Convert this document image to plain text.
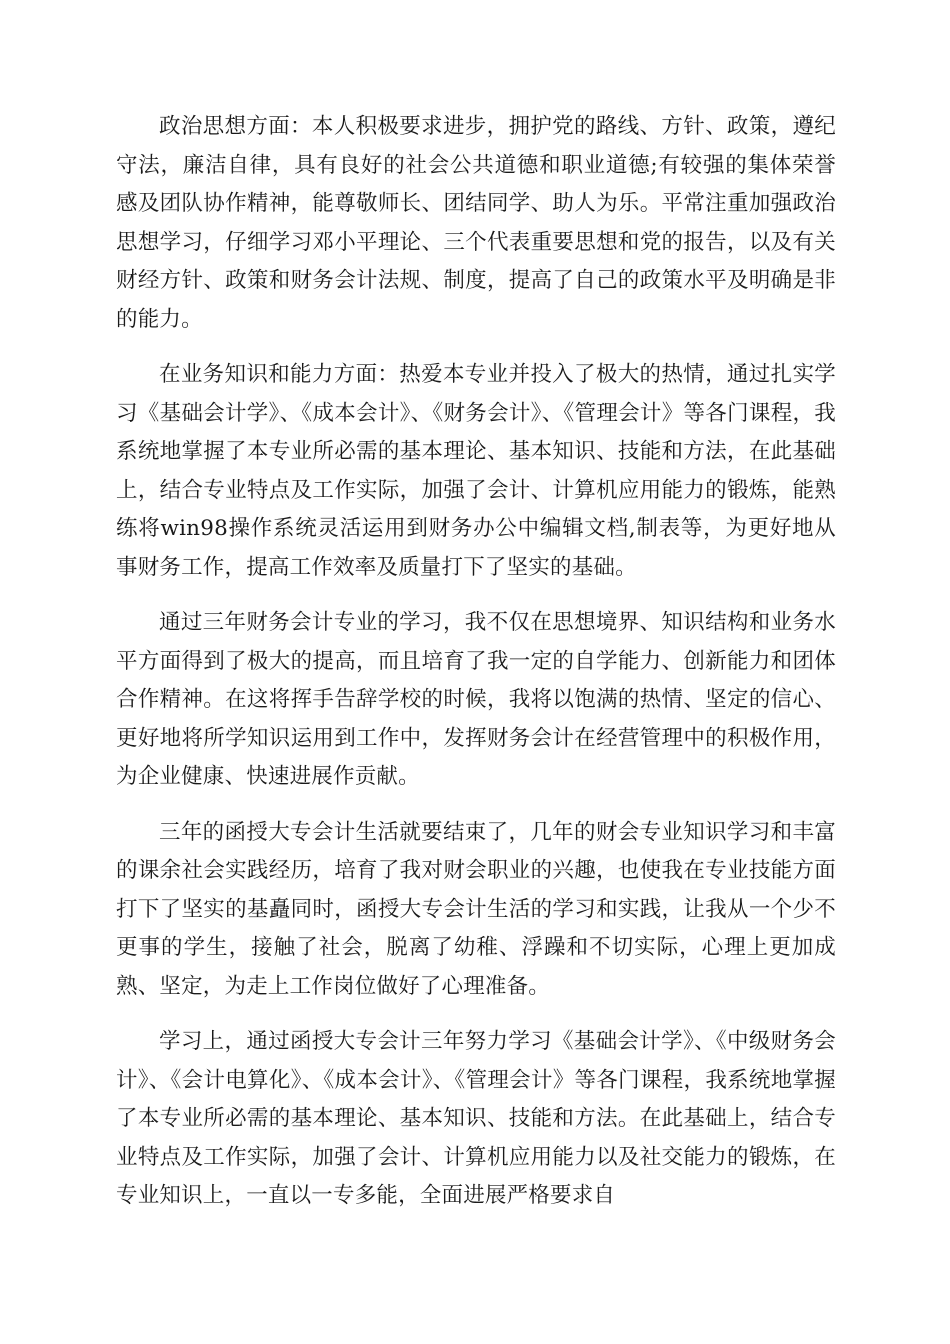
政治思想方面：本人积极要求进步，拥护党的路线、方针、政策，遵纪守法，廉洁自律，具有良好的社会公共道德和职业道德;有较强的集体荣誉感及团队协作精神，能尊敬师长、团结同学、助人为乐。平常注重加强政治思想学习，仔细学习邓小平理论、三个代表重要思想和党的报告，以及有关财经方针、政策和财务会计法规、制度，提高了自己的政策水平及明确是非的能力。

在业务知识和能力方面：热爱本专业并投入了极大的热情，通过扎实学习《基础会计学》、《成本会计》、《财务会计》、《管理会计》等各门课程，我系统地掌握了本专业所必需的基本理论、基本知识、技能和方法，在此基础上，结合专业特点及工作实际，加强了会计、计算机应用能力的锻炼，能熟练将win98操作系统灵活运用到财务办公中编辑文档,制表等，为更好地从事财务工作，提高工作效率及质量打下了坚实的基础。

通过三年财务会计专业的学习，我不仅在思想境界、知识结构和业务水平方面得到了极大的提高，而且培育了我一定的自学能力、创新能力和团体合作精神。在这将挥手告辞学校的时候，我将以饱满的热情、坚定的信心、更好地将所学知识运用到工作中，发挥财务会计在经营管理中的积极作用，为企业健康、快速进展作贡献。

三年的函授大专会计生活就要结束了，几年的财会专业知识学习和丰富的课余社会实践经历，培育了我对财会职业的兴趣，也使我在专业技能方面打下了坚实的基矗同时，函授大专会计生活的学习和实践，让我从一个少不更事的学生，接触了社会，脱离了幼稚、浮躁和不切实际，心理上更加成熟、坚定，为走上工作岗位做好了心理准备。

学习上，通过函授大专会计三年努力学习《基础会计学》、《中级财务会计》、《会计电算化》、《成本会计》、《管理会计》等各门课程，我系统地掌握了本专业所必需的基本理论、基本知识、技能和方法。在此基础上，结合专业特点及工作实际，加强了会计、计算机应用能力以及社交能力的锻炼，在专业知识上，一直以一专多能，全面进展严格要求自
